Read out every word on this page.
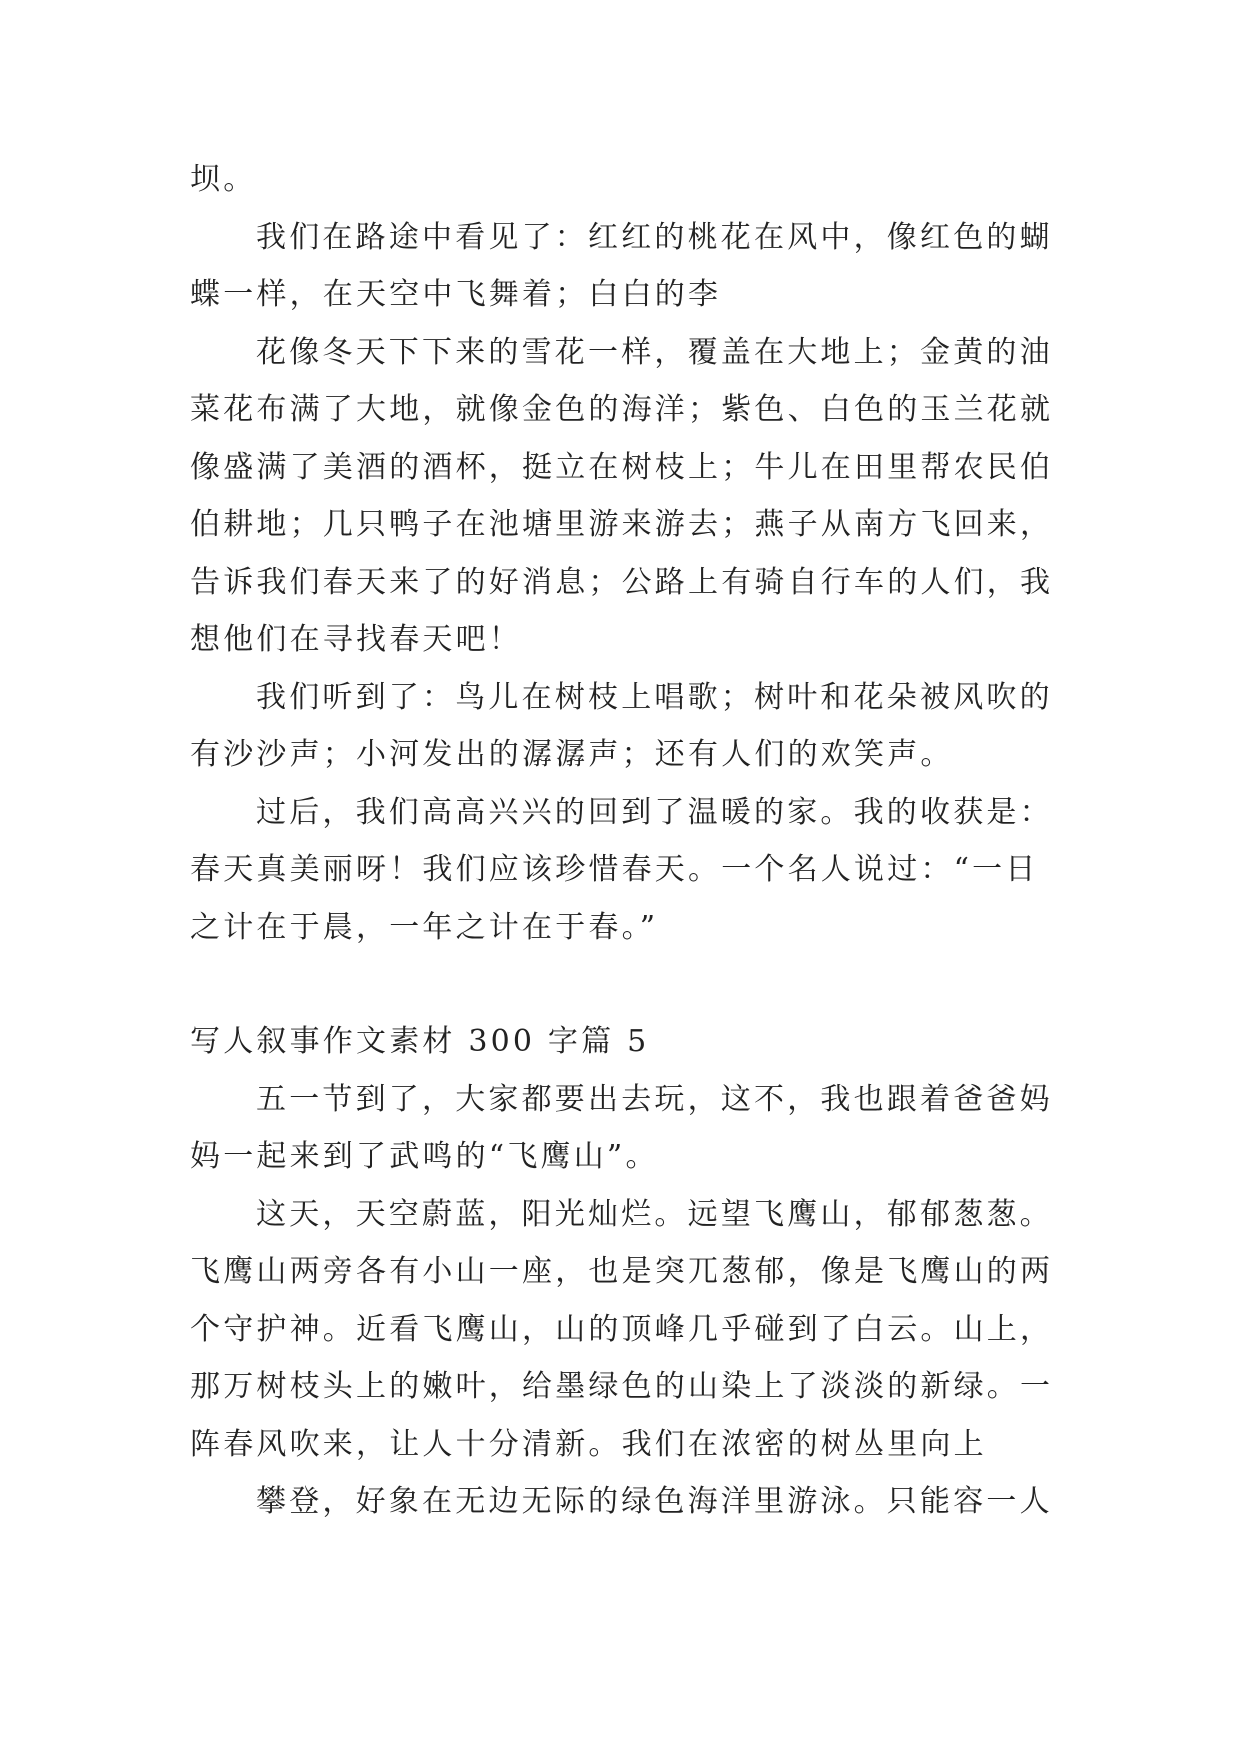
坝。
我们在路途中看见了：红红的桃花在风中，像红色的蝴
蝶一样，在天空中飞舞着；白白的李
花像冬天下下来的雪花一样，覆盖在大地上；金黄的油
菜花布满了大地，就像金色的海洋；紫色、白色的玉兰花就
像盛满了美酒的酒杯，挺立在树枝上；牛儿在田里帮农民伯
伯耕地；几只鸭子在池塘里游来游去；燕子从南方飞回来，
告诉我们春天来了的好消息；公路上有骑自行车的人们，我
想他们在寻找春天吧！
我们听到了：鸟儿在树枝上唱歌；树叶和花朵被风吹的
有沙沙声；小河发出的潺潺声；还有人们的欢笑声。
过后，我们高高兴兴的回到了温暖的家。我的收获是：
春天真美丽呀！我们应该珍惜春天。一个名人说过：“一日
之计在于晨，一年之计在于春。”
写人叙事作文素材 300 字篇 5
五一节到了，大家都要出去玩，这不，我也跟着爸爸妈
妈一起来到了武鸣的“飞鹰山”。
这天，天空蔚蓝，阳光灿烂。远望飞鹰山，郁郁葱葱。
飞鹰山两旁各有小山一座，也是突兀葱郁，像是飞鹰山的两
个守护神。近看飞鹰山，山的顶峰几乎碰到了白云。山上，
那万树枝头上的嫩叶，给墨绿色的山染上了淡淡的新绿。一
阵春风吹来，让人十分清新。我们在浓密的树丛里向上
攀登，好象在无边无际的绿色海洋里游泳。只能容一人
